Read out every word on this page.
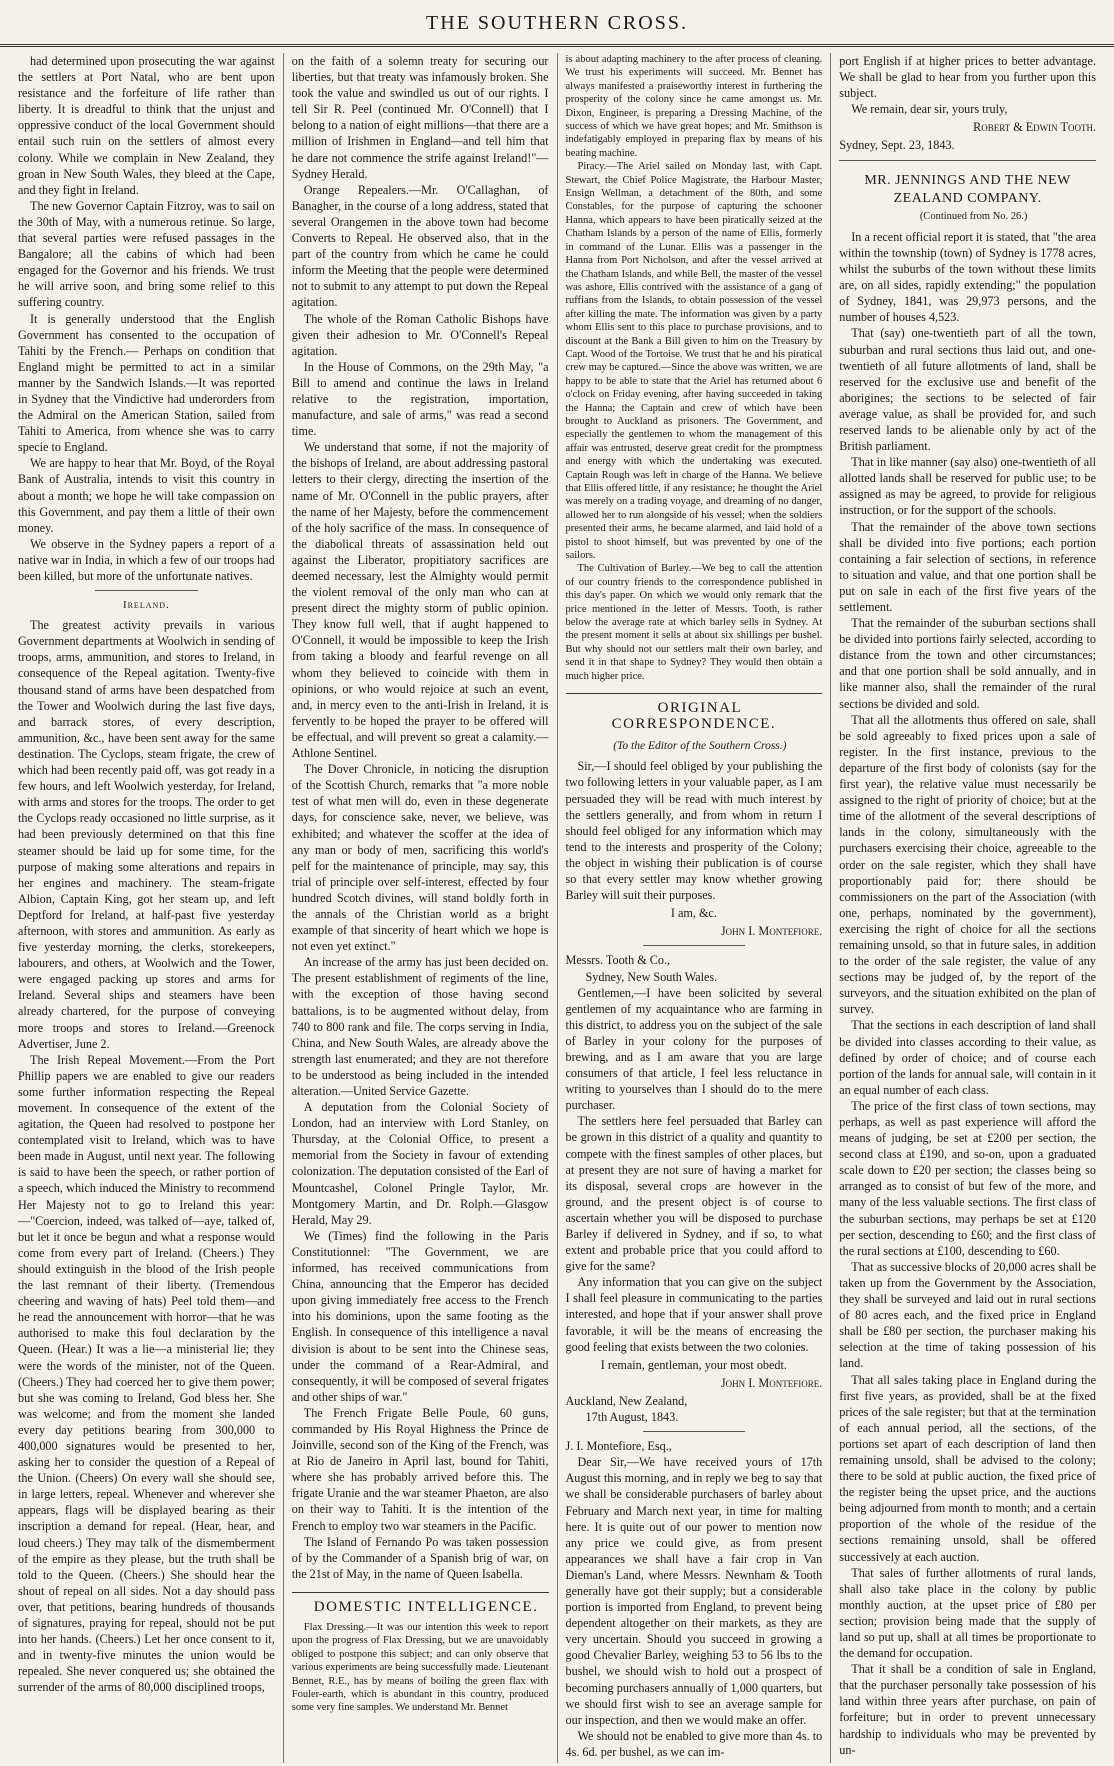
THE SOUTHERN CROSS.

had determined upon prosecuting the war against the settlers at Port Natal, who are bent upon resistance and the forfeiture of life rather than liberty. It is dreadful to think that the unjust and oppressive conduct of the local Government should entail such ruin on the settlers of almost every colony. While we complain in New Zealand, they groan in New South Wales, they bleed at the Cape, and they fight in Ireland.

The new Governor Captain Fitzroy, was to sail on the 30th of May, with a numerous retinue. So large, that several parties were refused passages in the Bangalore; all the cabins of which had been engaged for the Governor and his friends. We trust he will arrive soon, and bring some relief to this suffering country.

It is generally understood that the English Government has consented to the occupation of Tahiti by the French.— Perhaps on condition that England might be permitted to act in a similar manner by the Sandwich Islands.—It was reported in Sydney that the Vindictive had underorders from the Admiral on the American Station, sailed from Tahiti to America, from whence she was to carry specie to England.

We are happy to hear that Mr. Boyd, of the Royal Bank of Australia, intends to visit this country in about a month; we hope he will take compassion on this Government, and pay them a little of their own money.

We observe in the Sydney papers a report of a native war in India, in which a few of our troops had been killed, but more of the unfortunate natives.

Ireland.

The greatest activity prevails in various Government departments at Woolwich in sending of troops, arms, ammunition, and stores to Ireland, in consequence of the Repeal agitation. Twenty-five thousand stand of arms have been despatched from the Tower and Woolwich during the last five days, and barrack stores, of every description, ammunition, &c., have been sent away for the same destination. The Cyclops, steam frigate, the crew of which had been recently paid off, was got ready in a few hours, and left Woolwich yesterday, for Ireland, with arms and stores for the troops. The order to get the Cyclops ready occasioned no little surprise, as it had been previously determined on that this fine steamer should be laid up for some time, for the purpose of making some alterations and repairs in her engines and machinery. The steam-frigate Albion, Captain King, got her steam up, and left Deptford for Ireland, at half-past five yesterday afternoon, with stores and ammunition. As early as five yesterday morning, the clerks, storekeepers, labourers, and others, at Woolwich and the Tower, were engaged packing up stores and arms for Ireland. Several ships and steamers have been already chartered, for the purpose of conveying more troops and stores to Ireland.—Greenock Advertiser, June 2.

The Irish Repeal Movement.—From the Port Phillip papers we are enabled to give our readers some further information respecting the Repeal movement. In consequence of the extent of the agitation, the Queen had resolved to postpone her contemplated visit to Ireland, which was to have been made in August, until next year. The following is said to have been the speech, or rather portion of a speech, which induced the Ministry to recommend Her Majesty not to go to Ireland this year:—"Coercion, indeed, was talked of—aye, talked of, but let it once be begun and what a response would come from every part of Ireland. (Cheers.) They should extinguish in the blood of the Irish people the last remnant of their liberty. (Tremendous cheering and waving of hats) Peel told them—and he read the announcement with horror—that he was authorised to make this foul declaration by the Queen. (Hear.) It was a lie—a ministerial lie; they were the words of the minister, not of the Queen. (Cheers.) They had coerced her to give them power; but she was coming to Ireland, God bless her. She was welcome; and from the moment she landed every day petitions bearing from 300,000 to 400,000 signatures would be presented to her, asking her to consider the question of a Repeal of the Union. (Cheers) On every wall she should see, in large letters, repeal. Whenever and wherever she appears, flags will be displayed bearing as their inscription a demand for repeal. (Hear, hear, and loud cheers.) They may talk of the dismemberment of the empire as they please, but the truth shall be told to the Queen. (Cheers.) She should hear the shout of repeal on all sides. Not a day should pass over, that petitions, bearing hundreds of thousands of signatures, praying for repeal, should not be put into her hands. (Cheers.) Let her once consent to it, and in twenty-five minutes the union would be repealed. She never conquered us; she obtained the surrender of the arms of 80,000 disciplined troops,

on the faith of a solemn treaty for securing our liberties, but that treaty was infamously broken. She took the value and swindled us out of our rights. I tell Sir R. Peel (continued Mr. O'Connell) that I belong to a nation of eight millions—that there are a million of Irishmen in England—and tell him that he dare not commence the strife against Ireland!"—Sydney Herald.

Orange Repealers.—Mr. O'Callaghan, of Banagher, in the course of a long address, stated that several Orangemen in the above town had become Converts to Repeal. He observed also, that in the part of the country from which he came he could inform the Meeting that the people were determined not to submit to any attempt to put down the Repeal agitation.

The whole of the Roman Catholic Bishops have given their adhesion to Mr. O'Connell's Repeal agitation.

In the House of Commons, on the 29th May, "a Bill to amend and continue the laws in Ireland relative to the registration, importation, manufacture, and sale of arms," was read a second time.

We understand that some, if not the majority of the bishops of Ireland, are about addressing pastoral letters to their clergy, directing the insertion of the name of Mr. O'Connell in the public prayers, after the name of her Majesty, before the commencement of the holy sacrifice of the mass. In consequence of the diabolical threats of assassination held out against the Liberator, propitiatory sacrifices are deemed necessary, lest the Almighty would permit the violent removal of the only man who can at present direct the mighty storm of public opinion. They know full well, that if aught happened to O'Connell, it would be impossible to keep the Irish from taking a bloody and fearful revenge on all whom they believed to coincide with them in opinions, or who would rejoice at such an event, and, in mercy even to the anti-Irish in Ireland, it is fervently to be hoped the prayer to be offered will be effectual, and will prevent so great a calamity.—Athlone Sentinel.

The Dover Chronicle, in noticing the disruption of the Scottish Church, remarks that "a more noble test of what men will do, even in these degenerate days, for conscience sake, never, we believe, was exhibited; and whatever the scoffer at the idea of any man or body of men, sacrificing this world's pelf for the maintenance of principle, may say, this trial of principle over self-interest, effected by four hundred Scotch divines, will stand boldly forth in the annals of the Christian world as a bright example of that sincerity of heart which we hope is not even yet extinct."

An increase of the army has just been decided on. The present establishment of regiments of the line, with the exception of those having second battalions, is to be augmented without delay, from 740 to 800 rank and file. The corps serving in India, China, and New South Wales, are already above the strength last enumerated; and they are not therefore to be understood as being included in the intended alteration.—United Service Gazette.

A deputation from the Colonial Society of London, had an interview with Lord Stanley, on Thursday, at the Colonial Office, to present a memorial from the Society in favour of extending colonization. The deputation consisted of the Earl of Mountcashel, Colonel Pringle Taylor, Mr. Montgomery Martin, and Dr. Rolph.—Glasgow Herald, May 29.

We (Times) find the following in the Paris Constitutionnel: "The Government, we are informed, has received communications from China, announcing that the Emperor has decided upon giving immediately free access to the French into his dominions, upon the same footing as the English. In consequence of this intelligence a naval division is about to be sent into the Chinese seas, under the command of a Rear-Admiral, and consequently, it will be composed of several frigates and other ships of war."

The French Frigate Belle Poule, 60 guns, commanded by His Royal Highness the Prince de Joinville, second son of the King of the French, was at Rio de Janeiro in April last, bound for Tahiti, where she has probably arrived before this. The frigate Uranie and the war steamer Phaeton, are also on their way to Tahiti. It is the intention of the French to employ two war steamers in the Pacific.

The Island of Fernando Po was taken possession of by the Commander of a Spanish brig of war, on the 21st of May, in the name of Queen Isabella.

DOMESTIC INTELLIGENCE.

Flax Dressing.—It was our intention this week to report upon the progress of Flax Dressing, but we are unavoidably obliged to postpone this subject; and can only observe that various experiments are being successfully made. Lieutenant Bennet, R.E., has by means of boiling the green flax with Fouler-earth, which is abundant in this country, produced some very fine samples. We understand Mr. Bennet

is about adapting machinery to the after process of cleaning. We trust his experiments will succeed. Mr. Bennet has always manifested a praiseworthy interest in furthering the prosperity of the colony since he came amongst us. Mr. Dixon, Engineer, is preparing a Dressing Machine, of the success of which we have great hopes; and Mr. Smithson is indefatigably employed in preparing flax by means of his beating machine.

Piracy.—The Ariel sailed on Monday last, with Capt. Stewart, the Chief Police Magistrate, the Harbour Master, Ensign Wellman, a detachment of the 80th, and some Constables, for the purpose of capturing the schooner Hanna, which appears to have been piratically seized at the Chatham Islands by a person of the name of Ellis, formerly in command of the Lunar. Ellis was a passenger in the Hanna from Port Nicholson, and after the vessel arrived at the Chatham Islands, and while Bell, the master of the vessel was ashore, Ellis contrived with the assistance of a gang of ruffians from the Islands, to obtain possession of the vessel after killing the mate. The information was given by a party whom Ellis sent to this place to purchase provisions, and to discount at the Bank a Bill given to him on the Treasury by Capt. Wood of the Tortoise. We trust that he and his piratical crew may be captured.—Since the above was written, we are happy to be able to state that the Ariel has returned about 6 o'clock on Friday evening, after having succeeded in taking the Hanna; the Captain and crew of which have been brought to Auckland as prisoners. The Government, and especially the gentlemen to whom the management of this affair was entrusted, deserve great credit for the promptness and energy with which the undertaking was executed. Captain Rough was left in charge of the Hanna. We believe that Ellis offered little, if any resistance; he thought the Ariel was merely on a trading voyage, and dreaming of no danger, allowed her to run alongside of his vessel; when the soldiers presented their arms, he became alarmed, and laid hold of a pistol to shoot himself, but was prevented by one of the sailors.

The Cultivation of Barley.—We beg to call the attention of our country friends to the correspondence published in this day's paper. On which we would only remark that the price mentioned in the letter of Messrs. Tooth, is rather below the average rate at which barley sells in Sydney. At the present moment it sells at about six shillings per bushel. But why should not our settlers malt their own barley, and send it in that shape to Sydney? They would then obtain a much higher price.

ORIGINAL CORRESPONDENCE.

(To the Editor of the Southern Cross.)

Sir,—I should feel obliged by your publishing the two following letters in your valuable paper, as I am persuaded they will be read with much interest by the settlers generally, and from whom in return I should feel obliged for any information which may tend to the interests and prosperity of the Colony; the object in wishing their publication is of course so that every settler may know whether growing Barley will suit their purposes.

I am, &c.

John I. Montefiore.

Messrs. Tooth & Co.,

Sydney, New South Wales.

Gentlemen,—I have been solicited by several gentlemen of my acquaintance who are farming in this district, to address you on the subject of the sale of Barley in your colony for the purposes of brewing, and as I am aware that you are large consumers of that article, I feel less reluctance in writing to yourselves than I should do to the mere purchaser.

The settlers here feel persuaded that Barley can be grown in this district of a quality and quantity to compete with the finest samples of other places, but at present they are not sure of having a market for its disposal, several crops are however in the ground, and the present object is of course to ascertain whether you will be disposed to purchase Barley if delivered in Sydney, and if so, to what extent and probable price that you could afford to give for the same?

Any information that you can give on the subject I shall feel pleasure in communicating to the parties interested, and hope that if your answer shall prove favorable, it will be the means of encreasing the good feeling that exists between the two colonies.

I remain, gentleman, your most obedt.

John I. Montefiore.

Auckland, New Zealand,

17th August, 1843.

J. I. Montefiore, Esq.,

Dear Sir,—We have received yours of 17th August this morning, and in reply we beg to say that we shall be considerable purchasers of barley about February and March next year, in time for malting here. It is quite out of our power to mention now any price we could give, as from present appearances we shall have a fair crop in Van Dieman's Land, where Messrs. Newnham & Tooth generally have got their supply; but a considerable portion is imported from England, to prevent being dependent altogether on their markets, as they are very uncertain. Should you succeed in growing a good Chevalier Barley, weighing 53 to 56 lbs to the bushel, we should wish to hold out a prospect of becoming purchasers annually of 1,000 quarters, but we should first wish to see an average sample for our inspection, and then we would make an offer.

We should not be enabled to give more than 4s. to 4s. 6d. per bushel, as we can im-

port English if at higher prices to better advantage. We shall be glad to hear from you further upon this subject.

We remain, dear sir, yours truly,

Robert & Edwin Tooth.

Sydney, Sept. 23, 1843.

MR. JENNINGS AND THE NEW

ZEALAND COMPANY.

(Continued from No. 26.)

In a recent official report it is stated, that "the area within the township (town) of Sydney is 1778 acres, whilst the suburbs of the town without these limits are, on all sides, rapidly extending;" the population of Sydney, 1841, was 29,973 persons, and the number of houses 4,523.

That (say) one-twentieth part of all the town, suburban and rural sections thus laid out, and one-twentieth of all future allotments of land, shall be reserved for the exclusive use and benefit of the aborigines; the sections to be selected of fair average value, as shall be provided for, and such reserved lands to be alienable only by act of the British parliament.

That in like manner (say also) one-twentieth of all allotted lands shall be reserved for public use; to be assigned as may be agreed, to provide for religious instruction, or for the support of the schools.

That the remainder of the above town sections shall be divided into five portions; each portion containing a fair selection of sections, in reference to situation and value, and that one portion shall be put on sale in each of the first five years of the settlement.

That the remainder of the suburban sections shall be divided into portions fairly selected, according to distance from the town and other circumstances; and that one portion shall be sold annually, and in like manner also, shall the remainder of the rural sections be divided and sold.

That all the allotments thus offered on sale, shall be sold agreeably to fixed prices upon a sale of register. In the first instance, previous to the departure of the first body of colonists (say for the first year), the relative value must necessarily be assigned to the right of priority of choice; but at the time of the allotment of the several descriptions of lands in the colony, simultaneously with the purchasers exercising their choice, agreeable to the order on the sale register, which they shall have proportionably paid for; there should be commissioners on the part of the Association (with one, perhaps, nominated by the government), exercising the right of choice for all the sections remaining unsold, so that in future sales, in addition to the order of the sale register, the value of any sections may be judged of, by the report of the surveyors, and the situation exhibited on the plan of survey.

That the sections in each description of land shall be divided into classes according to their value, as defined by order of choice; and of course each portion of the lands for annual sale, will contain in it an equal number of each class.

The price of the first class of town sections, may perhaps, as well as past experience will afford the means of judging, be set at £200 per section, the second class at £190, and so-on, upon a graduated scale down to £20 per section; the classes being so arranged as to consist of but few of the more, and many of the less valuable sections. The first class of the suburban sections, may perhaps be set at £120 per section, descending to £60; and the first class of the rural sections at £100, descending to £60.

That as successive blocks of 20,000 acres shall be taken up from the Government by the Association, they shall be surveyed and laid out in rural sections of 80 acres each, and the fixed price in England shall be £80 per section, the purchaser making his selection at the time of taking possession of his land.

That all sales taking place in England during the first five years, as provided, shall be at the fixed prices of the sale register; but that at the termination of each annual period, all the sections, of the portions set apart of each description of land then remaining unsold, shall be advised to the colony; there to be sold at public auction, the fixed price of the register being the upset price, and the auctions being adjourned from month to month; and a certain proportion of the whole of the residue of the sections remaining unsold, shall be offered successively at each auction.

That sales of further allotments of rural lands, shall also take place in the colony by public monthly auction, at the upset price of £80 per section; provision being made that the supply of land so put up, shall at all times be proportionate to the demand for occupation.

That it shall be a condition of sale in England, that the purchaser personally take possession of his land within three years after purchase, on pain of forfeiture; but in order to prevent unnecessary hardship to individuals who may be prevented by un-
